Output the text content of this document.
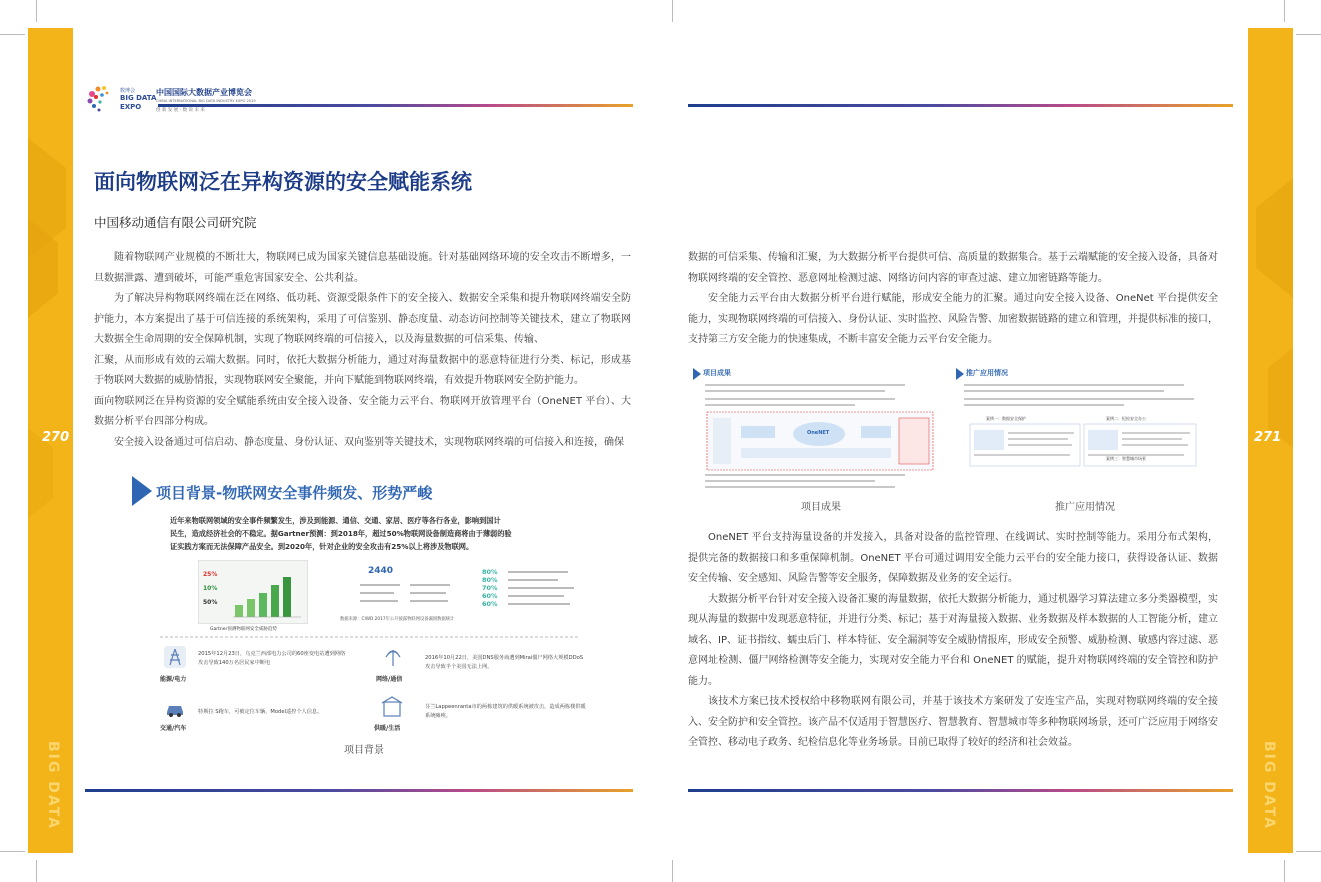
270
BIG DATA
271
BIG DATA
数博会
BIG DATA
EXPO
中国国际大数据产业博览会
CHINA INTERNATIONAL BIG DATA INDUSTRY EXPO 2019
创 新 发 展 · 数 说 未 来
面向物联网泛在异构资源的安全赋能系统
中国移动通信有限公司研究院

随着物联网产业规模的不断壮大，物联网已成为国家关键信息基础设施。针对基础网络环境的安全攻击不断增多，一旦数据泄露、遭到破坏，可能严重危害国家安全、公共利益。

为了解决异构物联网终端在泛在网络、低功耗、资源受限条件下的安全接入、数据安全采集和提升物联网终端安全防护能力，本方案提出了基于可信连接的系统架构，采用了可信鉴别、静态度量、动态访问控制等关键技术，建立了物联网大数据全生命周期的安全保障机制，实现了物联网终端的可信接入，以及海量数据的可信采集、传输、

汇聚，从而形成有效的云端大数据。同时，依托大数据分析能力，通过对海量数据中的恶意特征进行分类、标记，形成基于物联网大数据的威胁情报，实现物联网安全聚能，并向下赋能到物联网终端，有效提升物联网安全防护能力。

面向物联网泛在异构资源的安全赋能系统由安全接入设备、安全能力云平台、物联网开放管理平台（OneNET 平台）、大数据分析平台四部分构成。

安全接入设备通过可信启动、静态度量、身份认证、双向鉴别等关键技术，实现物联网终端的可信接入和连接，确保

项目背景-物联网安全事件频发、形势严峻
近年来物联网领域的安全事件频繁发生，涉及到能源、通信、交通、家居、医疗等各行各业，影响到国计
民生，造成经济社会的不稳定。据Gartner预测：到2018年，超过50%物联网设备制造商将由于薄弱的验
证实践方案而无法保障产品安全。到2020年，针对企业的安全攻击有25%以上将涉及物联网。
25%
10%
50%
Gartner预测物联网安全威胁趋势
2440	80%
80%
70%
60%
60%
数据来源：CIWD 2017年公开披露物联网设备漏洞数据统计
能源/电力
2015年12月23日，乌克兰西部电力公司的60座变电站遭到网络攻击导致140万名居民家中断电
网络/通信
2016年10月22日，美国DNS服务商遭到Mirai僵尸网络大规模DDoS攻击导致半个美国无法上网。
交通/汽车
特斯拉 S跑车，可被定位车辆，Model遥控个人信息。
供暖/生活
芬兰Lappeenranta市的两栋建筑的供暖系统被攻击，造成两栋楼供暖系统瘫痪。
项目背景

数据的可信采集、传输和汇聚，为大数据分析平台提供可信、高质量的数据集合。基于云端赋能的安全接入设备，具备对物联网终端的安全管控、恶意网址检测过滤、网络访问内容的审查过滤、建立加密链路等能力。

安全能力云平台由大数据分析平台进行赋能，形成安全能力的汇聚。通过向安全接入设备、OneNet 平台提供安全能力，实现物联网终端的可信接入、身份认证、实时监控、风险告警、加密数据链路的建立和管理，并提供标准的接口，支持第三方安全能力的快速集成，不断丰富安全能力云平台安全能力。

项目成果
OneNET
项目成果
推广应用情况
案例一：数据安全保护	案例二：纪检安全办公
案例三：智慧城市场景
推广应用情况

OneNET 平台支持海量设备的并发接入，具备对设备的监控管理、在线调试、实时控制等能力。采用分布式架构，提供完备的数据接口和多重保障机制。OneNET 平台可通过调用安全能力云平台的安全能力接口，获得设备认证、数据安全传输、安全感知、风险告警等安全服务，保障数据及业务的安全运行。

大数据分析平台针对安全接入设备汇聚的海量数据，依托大数据分析能力，通过机器学习算法建立多分类器模型，实现从海量的数据中发现恶意特征，并进行分类、标记；基于对海量接入数据、业务数据及样本数据的人工智能分析，建立域名、IP、证书指纹、蠕虫后门、样本特征、安全漏洞等安全威胁情报库，形成安全预警、威胁检测、敏感内容过滤、恶意网址检测、僵尸网络检测等安全能力，实现对安全能力平台和 OneNET 的赋能，提升对物联网终端的安全管控和防护能力。

该技术方案已技术授权给中移物联网有限公司，并基于该技术方案研发了安连宝产品，实现对物联网终端的安全接入、安全防护和安全管控。该产品不仅适用于智慧医疗、智慧教育、智慧城市等多种物联网场景，还可广泛应用于网络安全管控、移动电子政务、纪检信息化等业务场景。目前已取得了较好的经济和社会效益。
